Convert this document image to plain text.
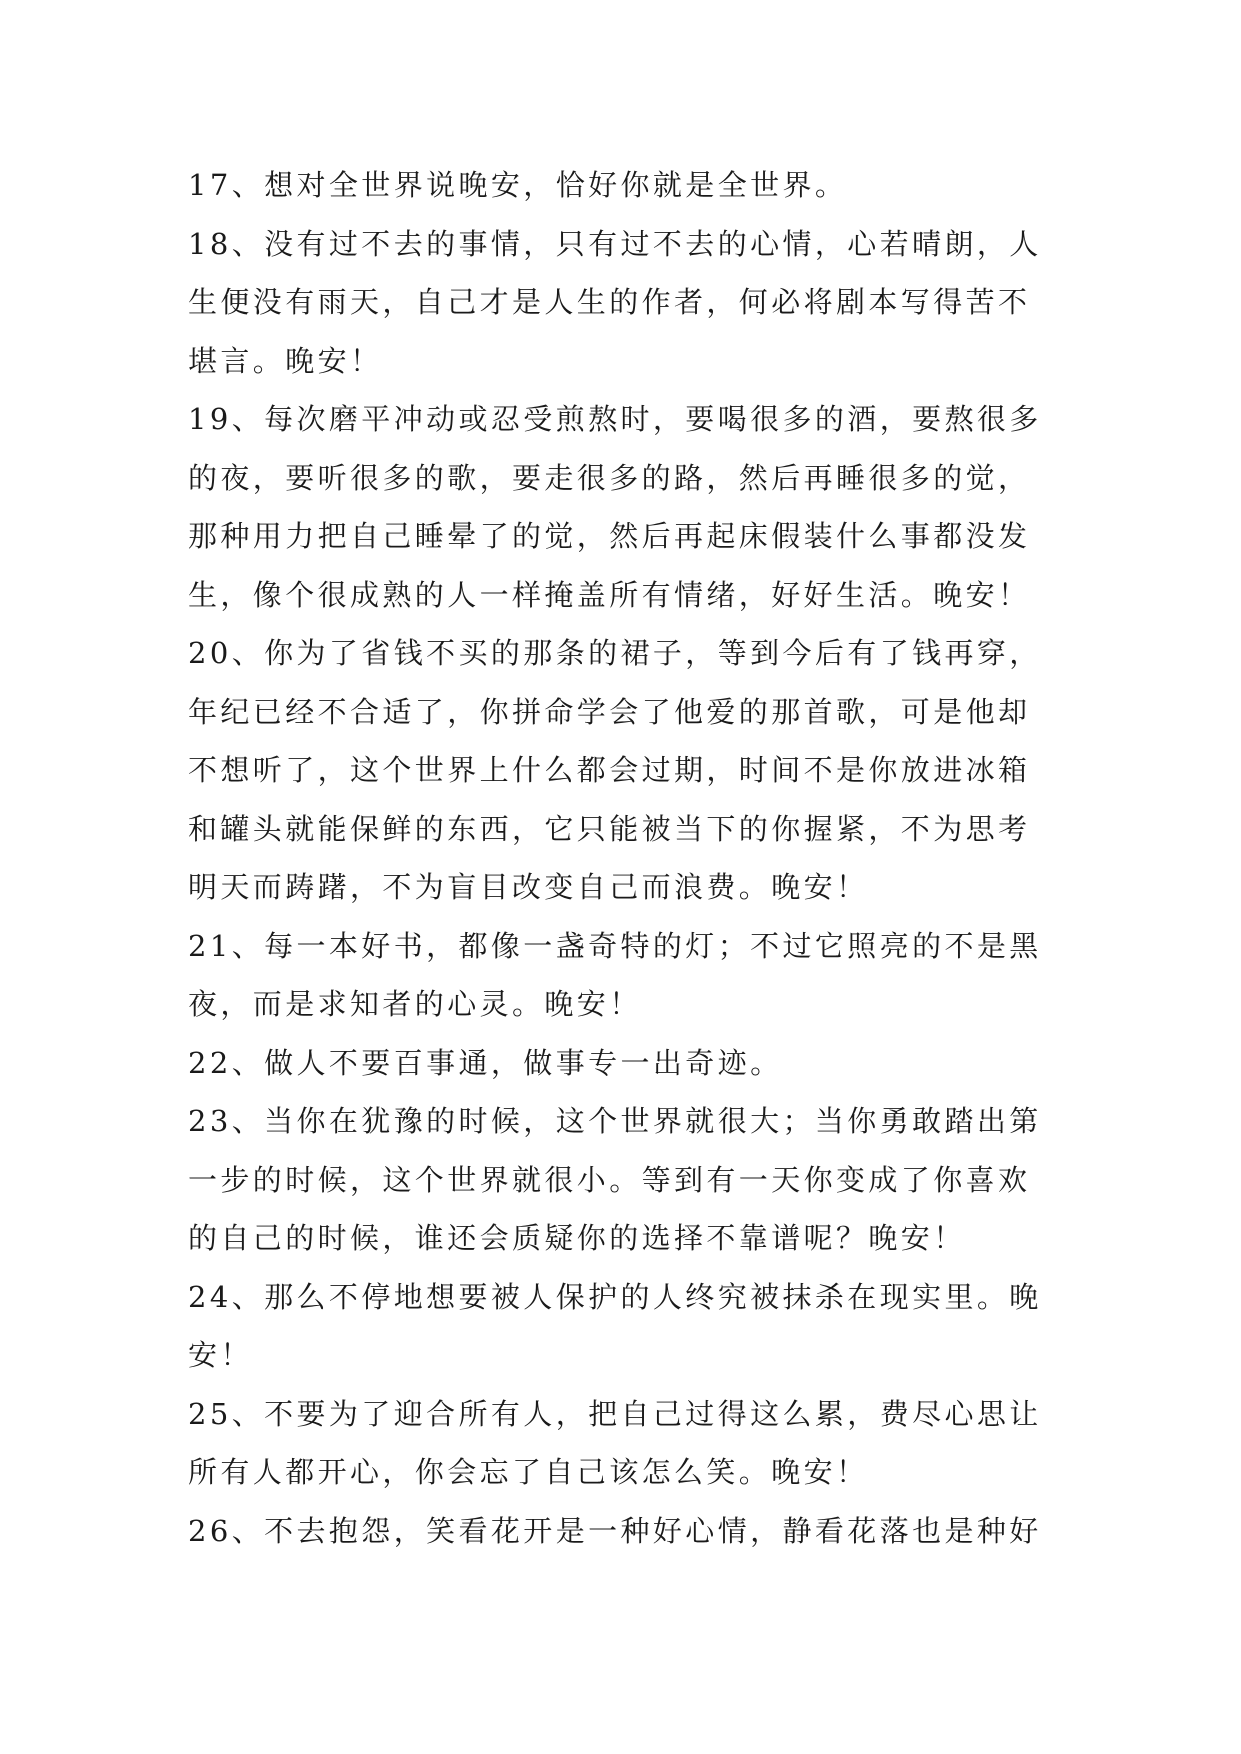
17、想对全世界说晚安，恰好你就是全世界。
18、没有过不去的事情，只有过不去的心情，心若晴朗，人
生便没有雨天，自己才是人生的作者，何必将剧本写得苦不
堪言。晚安！
19、每次磨平冲动或忍受煎熬时，要喝很多的酒，要熬很多
的夜，要听很多的歌，要走很多的路，然后再睡很多的觉，
那种用力把自己睡晕了的觉，然后再起床假装什么事都没发
生，像个很成熟的人一样掩盖所有情绪，好好生活。晚安！
20、你为了省钱不买的那条的裙子，等到今后有了钱再穿，
年纪已经不合适了，你拼命学会了他爱的那首歌，可是他却
不想听了，这个世界上什么都会过期，时间不是你放进冰箱
和罐头就能保鲜的东西，它只能被当下的你握紧，不为思考
明天而踌躇，不为盲目改变自己而浪费。晚安！
21、每一本好书，都像一盏奇特的灯；不过它照亮的不是黑
夜，而是求知者的心灵。晚安！
22、做人不要百事通，做事专一出奇迹。
23、当你在犹豫的时候，这个世界就很大；当你勇敢踏出第
一步的时候，这个世界就很小。等到有一天你变成了你喜欢
的自己的时候，谁还会质疑你的选择不靠谱呢？晚安！
24、那么不停地想要被人保护的人终究被抹杀在现实里。晚
安！
25、不要为了迎合所有人，把自己过得这么累，费尽心思让
所有人都开心，你会忘了自己该怎么笑。晚安！
26、不去抱怨，笑看花开是一种好心情，静看花落也是种好
